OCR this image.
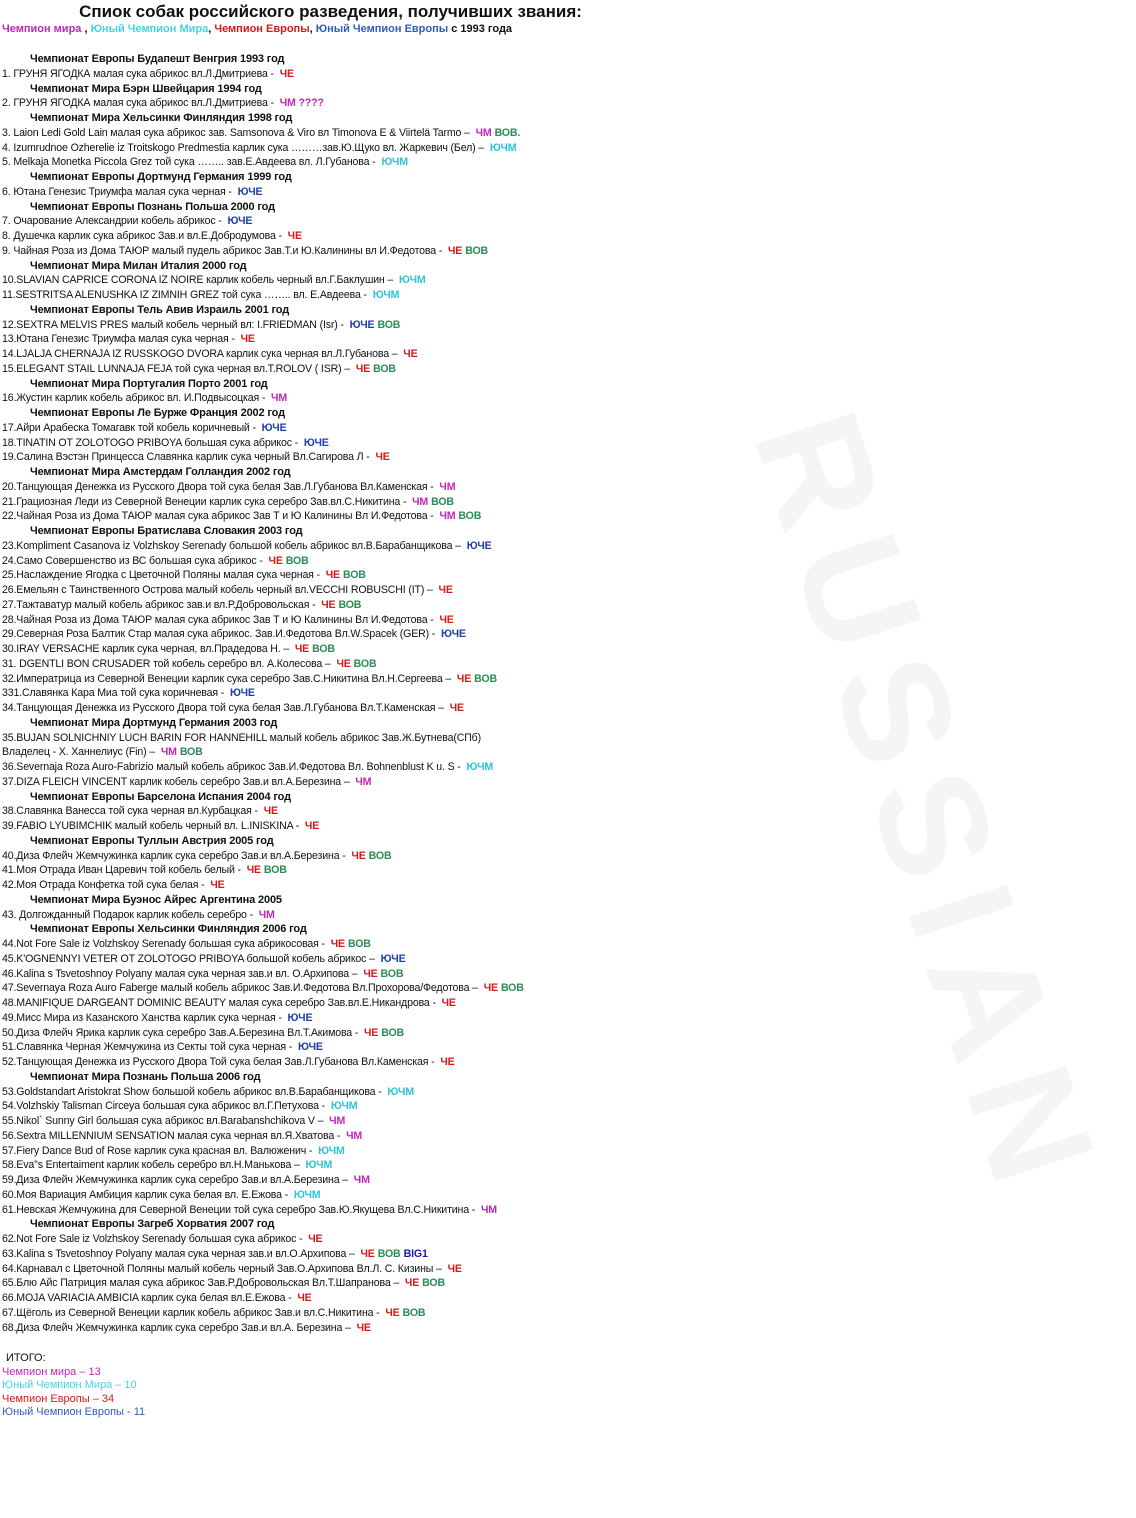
RUSSIAN
Спиок собак российского разведения, получивших звания:
Чемпион мира , Юный Чемпион Мира, Чемпион Европы, Юный Чемпион Европы с 1993 года
Чемпионат Европы Будапешт Венгрия 1993 год
1. ГРУНЯ ЯГОДКА малая сука абрикос вл.Л.Дмитриева - ЧЕ
Чемпионат Мира Бэрн Швейцария 1994 год
2. ГРУНЯ ЯГОДКА малая сука абрикос вл.Л.Дмитриева - ЧМ ????
Чемпионат Мира Хельсинки Финляндия 1998 год
3. Laion Ledi Gold Lain малая сука абрикос зав. Samsonova & Viro вл Timonova E & Viirtelä Tarmo – ЧМ ВОВ.
4. Izumrudnoe Ozherelie iz Troitskogo Predmestia карлик сука ………зав.Ю.Щуко вл. Жаркевич (Бел) – ЮЧМ
5. Melkaja Monetka Piccola Grez той сука …….. зав.Е.Авдеева вл. Л.Губанова - ЮЧМ
Чемпионат Европы Дортмунд Германия 1999 год
6. Ютана Генезис Триумфа малая сука черная - ЮЧЕ
Чемпионат Европы Познань Польша 2000 год
7. Очарование Александрии кобель абрикос - ЮЧЕ
8. Душечка карлик сука абрикос Зав.и вл.Е.Добродумова - ЧЕ
9. Чайная Роза из Дома ТАЮР малый пудель абрикос Зав.Т.и Ю.Калинины вл И.Федотова - ЧЕ ВОВ
Чемпионат Мира Милан Италия 2000 год
10.SLAVIAN CAPRICE CORONA IZ NOIRE карлик кобель черный вл.Г.Баклушин – ЮЧМ
11.SESTRITSA ALENUSHKA IZ ZIMNIH GREZ той сука …….. вл. Е.Авдеева - ЮЧМ
Чемпионат Европы Тель Авив Израиль 2001 год
12.SEXTRA MELVIS PRES малый кобель черный вл: I.FRIEDMAN (Isr) - ЮЧЕ ВОВ
13.Ютана Генезис Триумфа малая сука черная - ЧЕ
14.LJALJA CHERNAJA IZ RUSSKOGO DVORA карлик сука черная вл.Л.Губанова – ЧЕ
15.ELEGANT STAIL LUNNAJA FEJA той сука черная вл.T.ROLOV ( ISR) – ЧЕ ВОВ
Чемпионат Мира Португалия Порто 2001 год
16.Жустин карлик кобель абрикос вл. И.Подвысоцкая - ЧМ
Чемпионат Европы Ле Бурже Франция 2002 год
17.Айри Арабеска Томагавк той кобель коричневый - ЮЧЕ
18.TINATIN OT ZOLOTOGO PRIBOYA большая сука абрикос - ЮЧЕ
19.Салина Вэстэн Принцесса Славянка карлик сука черный Вл.Сагирова Л - ЧЕ
Чемпионат Мира Амстердам Голландия 2002 год
20.Танцующая Денежка из Русского Двора той сука белая Зав.Л.Губанова Вл.Каменская - ЧМ
21.Грациозная Леди из Северной Венеции карлик сука серебро Зав.вл.С.Никитина - ЧМ ВОВ
22.Чайная Роза из Дома ТАЮР малая сука абрикос Зав Т и Ю Калинины Вл И.Федотова - ЧМ ВОВ
Чемпионат Европы Братислава Словакия 2003 год
23.Kompliment Casanova iz Volzhskoy Serenady большой кобель абрикос вл.В.Барабанщикова – ЮЧЕ
24.Само Совершенство из ВС большая сука абрикос - ЧЕ ВОВ
25.Наслаждение Ягодка с Цветочной Поляны малая сука черная - ЧЕ ВОВ
26.Емельян с Таинственного Острова малый кобель черный вл.VECCHI ROBUSCHI (IT) – ЧЕ
27.Тажтаватур малый кобель абрикос зав.и вл.Р.Добровольская - ЧЕ ВОВ
28.Чайная Роза из Дома ТАЮР малая сука абрикос Зав Т и Ю Калинины Вл И.Федотова - ЧЕ
29.Северная Роза Балтик Стар малая сука абрикос. Зав.И.Федотова Вл.W.Spacek (GER) - ЮЧЕ
30.IRAY VERSACHE карлик сука черная, вл.Прадедова Н. – ЧЕ ВОВ
31. DGENTLI BON CRUSADER той кобель серебро вл. А.Колесова – ЧЕ ВОВ
32.Императрица из Северной Венеции карлик сука серебро Зав.С.Никитина Вл.Н.Сергеева – ЧЕ ВОВ
331.Славянка Кара Миа той сука коричневая - ЮЧЕ
34.Танцующая Денежка из Русского Двора той сука белая Зав.Л.Губанова Вл.Т.Каменская – ЧЕ
Чемпионат Мира Дортмунд Германия 2003 год
35.BUJAN SOLNICHNIY LUCH BARIN FOR HANNEHILL малый кобель абрикос Зав.Ж.Бутнева(СПб)
Владелец - Х. Ханнелиус (Fin) – ЧМ ВОВ
36.Severnaja Roza Auro-Fabrizio малый кобель абрикос Зав.И.Федотова Вл. Bohnenblust K u. S - ЮЧМ
37.DIZA FLEICH VINCENT карлик кобель серебро Зав.и вл.А.Березина – ЧМ
Чемпионат Европы Барселона Испания 2004 год
38.Славянка Ванесса той сука черная вл.Курбацкая - ЧЕ
39.FABIO LYUBIMCHIK малый кобель черный вл. L.INISKINA - ЧЕ
Чемпионат Европы Туллын Австрия 2005 год
40.Диза Флейч Жемчужинка карлик сука серебро Зав.и вл.А.Березина - ЧЕ ВОВ
41.Моя Отрада Иван Царевич той кобель белый - ЧЕ ВОВ
42.Моя Отрада Конфетка той сука белая - ЧЕ
Чемпионат Мира Буэнос Айрес Аргентина 2005
43. Долгожданный Подарок карлик кобель серебро - ЧМ
Чемпионат Европы Хельсинки Финляндия 2006 год
44.Not Fore Sale iz Volzhskoy Serenady большая сука абрикосовая - ЧЕ ВОВ
45.K'OGNENNYI VETER OT ZOLOTOGO PRIBOYA большой кобель абрикос – ЮЧЕ
46.Kalina s Tsvetoshnoy Polyany малая сука черная зав.и вл. О.Архипова – ЧЕ ВОВ
47.Severnaya Roza Auro Faberge малый кобель абрикос Зав.И.Федотова Вл.Прохорова/Федотова – ЧЕ ВОВ
48.MANIFIQUE DARGEANT DOMINIC BEAUTY малая сука серебро Зав.вл.Е.Никандрова - ЧЕ
49.Мисс Мира из Казанского Ханства карлик сука черная - ЮЧЕ
50.Диза Флейч Ярика карлик сука серебро Зав.А.Березина Вл.Т.Акимова - ЧЕ ВОВ
51.Славянка Черная Жемчужина из Секты той сука черная - ЮЧЕ
52.Танцующая Денежка из Русского Двора Той сука белая Зав.Л.Губанова Вл.Каменская - ЧЕ
Чемпионат Мира Познань Польша 2006 год
53.Goldstandart Aristokrat Show большой кобель абрикос вл.В.Барабанщикова - ЮЧМ
54.Volzhskiy Talisman Circeya большая сука абрикос вл.Г.Петухова - ЮЧМ
55.Nikol` Sunny Girl большая сука абрикос вл.Barabanshchikova V – ЧМ
56.Sextra MILLENNIUM SENSATION малая сука черная вл.Я.Хватова - ЧМ
57.Fiery Dance Bud of Rose карлик сука красная вл. Валюженич - ЮЧМ
58.Eva"s Entertaiment карлик кобель серебро вл.Н.Манькова – ЮЧМ
59.Диза Флейч Жемчужинка карлик сука серебро Зав.и вл.А.Березина – ЧМ
60.Моя Вариация Амбиция карлик сука белая вл. Е.Ежова - ЮЧМ
61.Невская Жемчужина для Северной Венеции той сука серебро Зав.Ю.Якущева Вл.С.Никитина - ЧМ
Чемпионат Европы Загреб Хорватия 2007 год
62.Not Fore Sale iz Volzhskoy Serenady большая сука абрикос - ЧЕ
63.Kalina s Tsvetoshnoy Polyany малая сука черная зав.и вл.О.Архипова – ЧЕ ВОВ BIG1
64.Карнавал с Цветочной Поляны малый кобель черный Зав.О.Архипова Вл.Л. С. Кизины – ЧЕ
65.Блю Айс Патриция малая сука абрикос Зав.Р.Добровольская Вл.Т.Шапранова – ЧЕ ВОВ
66.MOJA VARIACIA AMBICIA карлик сука белая вл.Е.Ежова - ЧЕ
67.Щёголь из Северной Венеции карлик кобель абрикос Зав.и вл.С.Никитина - ЧЕ ВОВ
68.Диза Флейч Жемчужинка карлик сука серебро Зав.и вл.А. Березина – ЧЕ
ИТОГО:
Чемпион мира – 13
Юный Чемпион Мира – 10
Чемпион Европы – 34
Юный Чемпион Европы - 11
